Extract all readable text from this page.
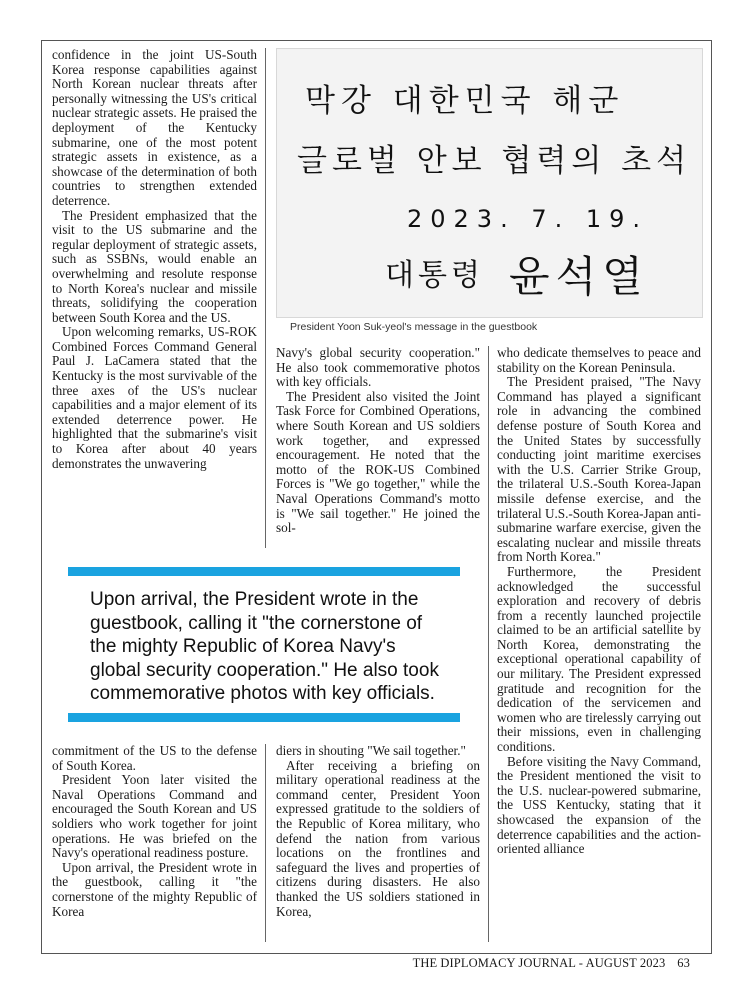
confidence in the joint US-South Korea response capabilities against North Korean nuclear threats after personally witnessing the US's critical nuclear strategic assets. He praised the deployment of the Kentucky submarine, one of the most potent strategic assets in existence, as a showcase of the determination of both countries to strengthen extended deterrence.

The President emphasized that the visit to the US submarine and the regular deployment of strategic assets, such as SSBNs, would enable an overwhelming and resolute response to North Korea's nuclear and missile threats, solidifying the cooperation between South Korea and the US.

Upon welcoming remarks, US-ROK Combined Forces Command General Paul J. LaCamera stated that the Kentucky is the most survivable of the three axes of the US's nuclear capabilities and a major element of its extended deterrence power. He highlighted that the submarine's visit to Korea after about 40 years demonstrates the unwavering

막강 대한민국 해군
글로벌 안보 협력의 초석
2023. 7. 19.
대통령 윤석열
President Yoon Suk-yeol's message in the guestbook

Navy's global security cooperation." He also took commemorative photos with key officials.

The President also visited the Joint Task Force for Combined Operations, where South Korean and US soldiers work together, and expressed encouragement. He noted that the motto of the ROK-US Combined Forces is "We go together," while the Naval Operations Command's motto is "We sail together." He joined the sol-

who dedicate themselves to peace and stability on the Korean Peninsula.

The President praised, "The Navy Command has played a significant role in advancing the combined defense posture of South Korea and the United States by successfully conducting joint maritime exercises with the U.S. Carrier Strike Group, the trilateral U.S.-South Korea-Japan missile defense exercise, and the trilateral U.S.-South Korea-Japan anti-submarine warfare exercise, given the escalating nuclear and missile threats from North Korea."

Furthermore, the President acknowledged the successful exploration and recovery of debris from a recently launched projectile claimed to be an artificial satellite by North Korea, demonstrating the exceptional operational capability of our military. The President expressed gratitude and recognition for the dedication of the servicemen and women who are tirelessly carrying out their missions, even in challenging conditions.

Before visiting the Navy Command, the President mentioned the visit to the U.S. nuclear-powered submarine, the USS Kentucky, stating that it showcased the expansion of the deterrence capabilities and the action-oriented alliance

Upon arrival, the President wrote in the guestbook, calling it "the cornerstone of the mighty Republic of Korea Navy's global security cooperation." He also took commemorative photos with key officials.

commitment of the US to the defense of South Korea.

President Yoon later visited the Naval Operations Command and encouraged the South Korean and US soldiers who work together for joint operations. He was briefed on the Navy's operational readiness posture.

Upon arrival, the President wrote in the guestbook, calling it "the cornerstone of the mighty Republic of Korea

diers in shouting "We sail together."

After receiving a briefing on military operational readiness at the command center, President Yoon expressed gratitude to the soldiers of the Republic of Korea military, who defend the nation from various locations on the frontlines and safeguard the lives and properties of citizens during disasters. He also thanked the US soldiers stationed in Korea,

THE DIPLOMACY JOURNAL - AUGUST 2023 63
